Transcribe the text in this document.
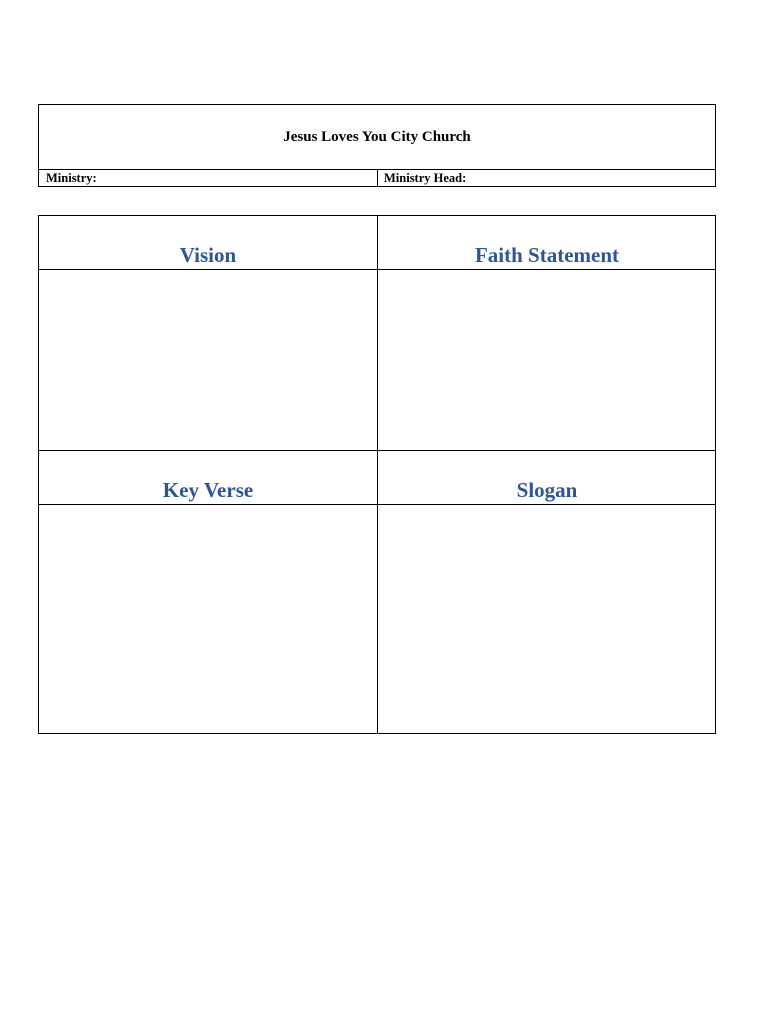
Jesus Loves You City Church
Ministry:	Ministry Head:
Vision	Faith Statement
Key Verse	Slogan
